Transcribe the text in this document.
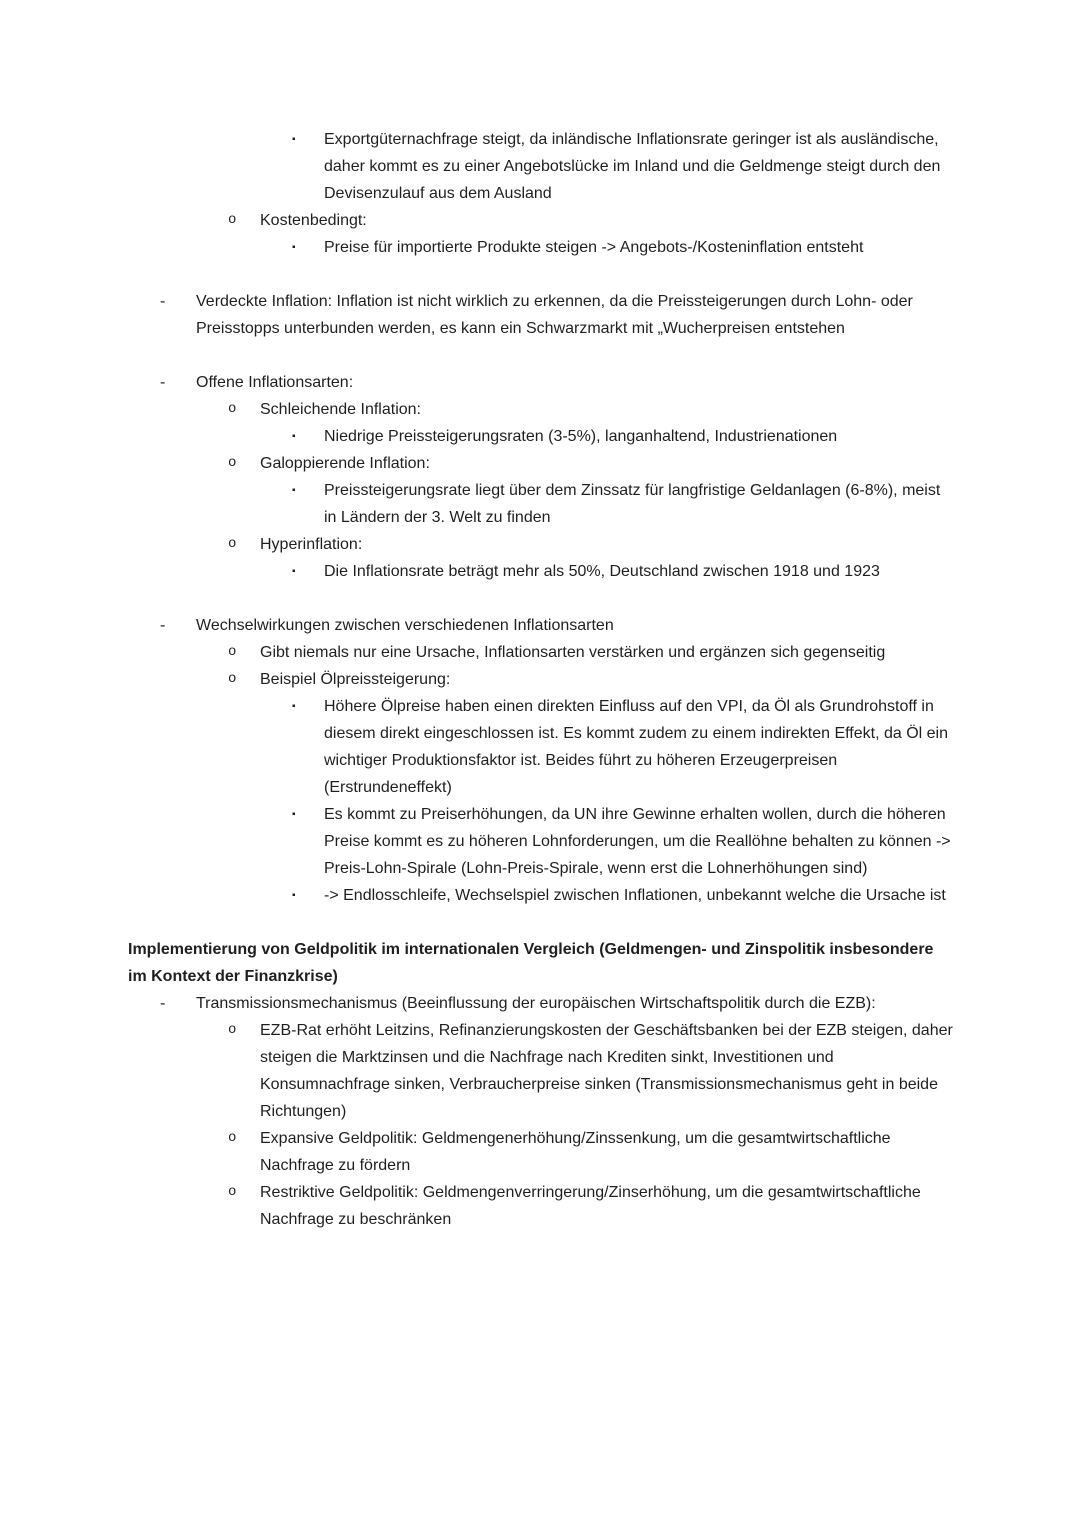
▪ Exportgüternachfrage steigt, da inländische Inflationsrate geringer ist als ausländische, daher kommt es zu einer Angebotslücke im Inland und die Geldmenge steigt durch den Devisenzulauf aus dem Ausland
o Kostenbedingt:
▪ Preise für importierte Produkte steigen -> Angebots-/Kosteninflation entsteht
- Verdeckte Inflation: Inflation ist nicht wirklich zu erkennen, da die Preissteigerungen durch Lohn- oder Preisstopps unterbunden werden, es kann ein Schwarzmarkt mit „Wucherpreisen entstehen
- Offene Inflationsarten:
o Schleichende Inflation:
▪ Niedrige Preissteigerungsraten (3-5%), langanhaltend, Industrienationen
o Galoppierende Inflation:
▪ Preissteigerungsrate liegt über dem Zinssatz für langfristige Geldanlagen (6-8%), meist in Ländern der 3. Welt zu finden
o Hyperinflation:
▪ Die Inflationsrate beträgt mehr als 50%, Deutschland zwischen 1918 und 1923
- Wechselwirkungen zwischen verschiedenen Inflationsarten
o Gibt niemals nur eine Ursache, Inflationsarten verstärken und ergänzen sich gegenseitig
o Beispiel Ölpreissteigerung:
▪ Höhere Ölpreise haben einen direkten Einfluss auf den VPI, da Öl als Grundrohstoff in diesem direkt eingeschlossen ist. Es kommt zudem zu einem indirekten Effekt, da Öl ein wichtiger Produktionsfaktor ist. Beides führt zu höheren Erzeugerpreisen (Erstrundeneffekt)
▪ Es kommt zu Preiserhöhungen, da UN ihre Gewinne erhalten wollen, durch die höheren Preise kommt es zu höheren Lohnforderungen, um die Reallöhne behalten zu können -> Preis-Lohn-Spirale (Lohn-Preis-Spirale, wenn erst die Lohnerhöhungen sind)
▪ -> Endlosschleife, Wechselspiel zwischen Inflationen, unbekannt welche die Ursache ist
Implementierung von Geldpolitik im internationalen Vergleich (Geldmengen- und Zinspolitik insbesondere im Kontext der Finanzkrise)
- Transmissionsmechanismus (Beeinflussung der europäischen Wirtschaftspolitik durch die EZB):
o EZB-Rat erhöht Leitzins, Refinanzierungskosten der Geschäftsbanken bei der EZB steigen, daher steigen die Marktzinsen und die Nachfrage nach Krediten sinkt, Investitionen und Konsumnachfrage sinken, Verbraucherpreise sinken (Transmissionsmechanismus geht in beide Richtungen)
o Expansive Geldpolitik: Geldmengenerhöhung/Zinssenkung, um die gesamtwirtschaftliche Nachfrage zu fördern
o Restriktive Geldpolitik: Geldmengenverringerung/Zinserhöhung, um die gesamtwirtschaftliche Nachfrage zu beschränken
